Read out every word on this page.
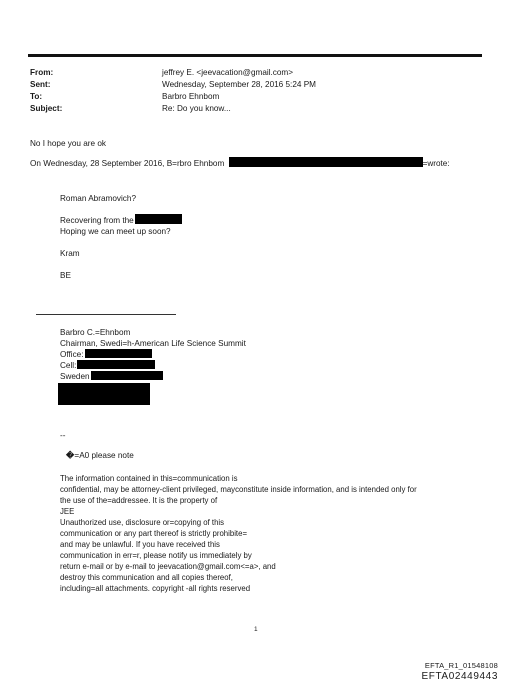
From:	jeffrey E. <jeevacation@gmail.com>
Sent:	Wednesday, September 28, 2016 5:24 PM
To:	Barbro Ehnbom
Subject:	Re: Do you know...
No I hope you are ok
On Wednesday, 28 September 2016, B=rbro Ehnbom	=wrote:
Roman Abramovich?
Recovering from the
Hoping we can meet up soon?
Kram
BE
Barbro C.=Ehnbom
Chairman, Swedi=h-American Life Science Summit
Office:
Cell:
Sweden
--
�=A0 please note
The information contained in this=communication is
confidential, may be attorney-client privileged, mayconstitute inside information, and is intended only for
the use of the=addressee. It is the property of
JEE
Unauthorized use, disclosure or=copying of this
communication or any part thereof is strictly prohibite=
and may be unlawful. If you have received this
communication in err=r, please notify us immediately by
return e-mail or by e-mail to jeevacation@gmail.com<=a>, and
destroy this communication and all copies thereof,
including=all attachments. copyright -all rights reserved
1
EFTA_R1_01548108
EFTA02449443
